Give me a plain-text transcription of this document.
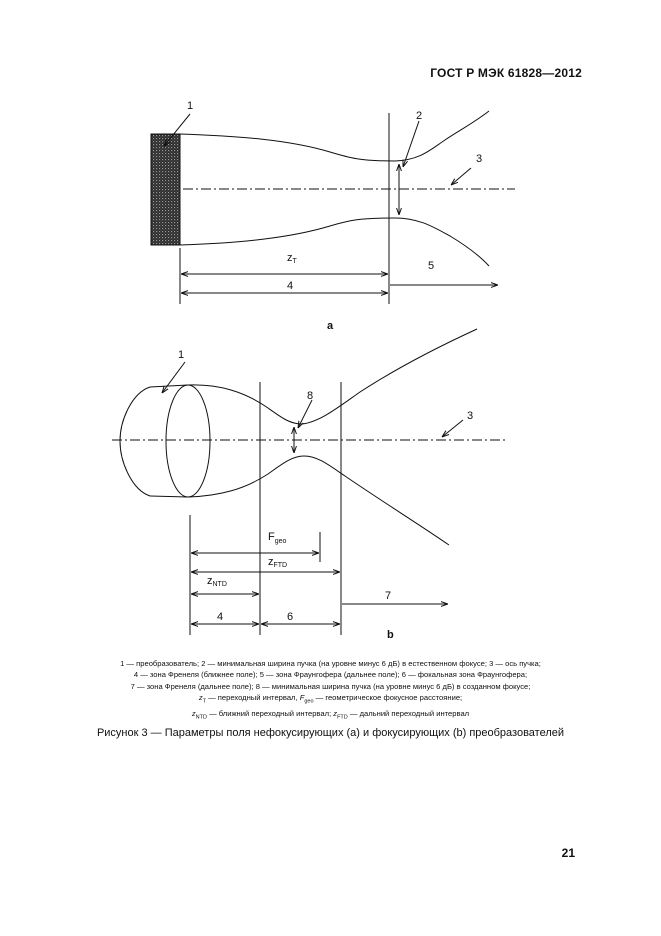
ГОСТ Р МЭК 61828—2012
1
2
3
zT
4
5
a
1
8
3
$F_{geo}$
zFTD
zNTD
4	6
7
b
1 — преобразователь; 2 — минимальная ширина пучка (на уровне минус 6 дБ) в естественном фокусе; 3 — ось пучка;
4 — зона Френеля (ближнее поле); 5 — зона Фраунгофера (дальнее поле); 6 — фокальная зона Фраунгофера;
7 — зона Френеля (дальнее поле); 8 — минимальная ширина пучка (на уровне минус 6 дБ) в созданном фокусе;
$z_T$ — переходный интервал, $F_{geo}$ — геометрическое фокусное расстояние;
$z_{NTD}$ — ближний переходный интервал; $z_{FTD}$ — дальний переходный интервал
Рисунок 3 — Параметры поля нефокусирующих (a) и фокусирующих (b) преобразователей
21
